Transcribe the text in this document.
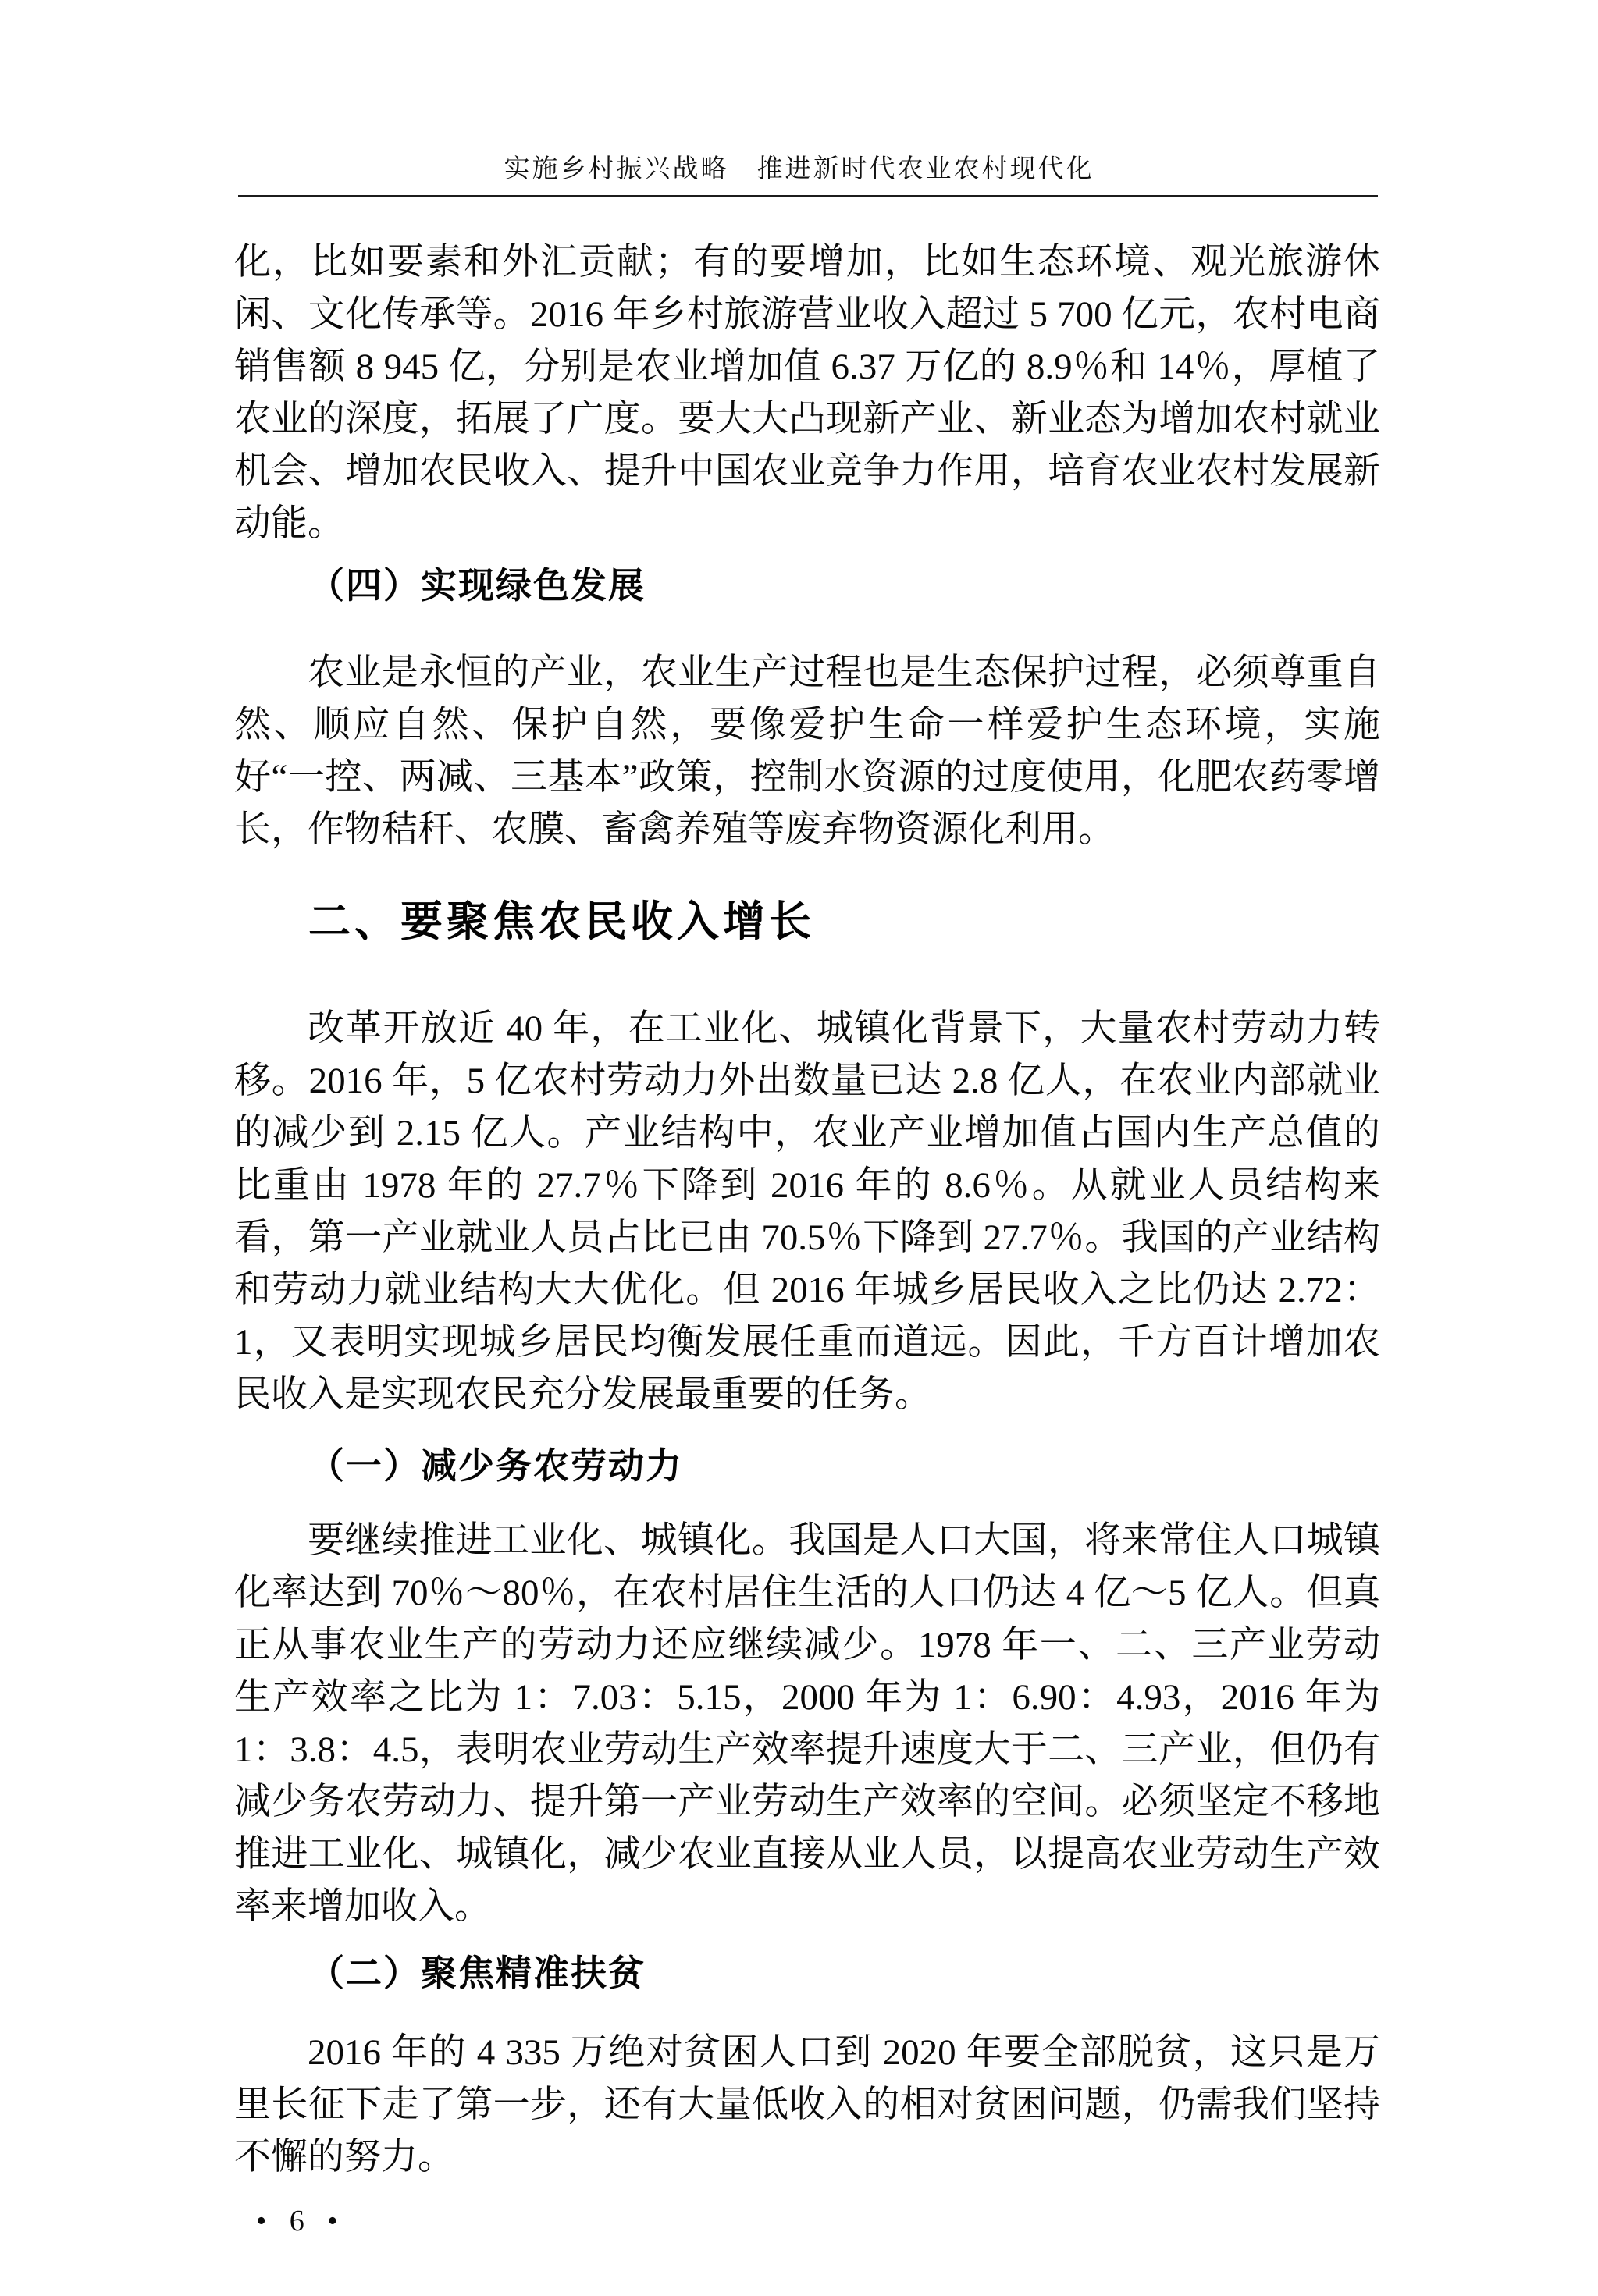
实施乡村振兴战略　推进新时代农业农村现代化

化，比如要素和外汇贡献；有的要增加，比如生态环境、观光旅游休闲、文化传承等。2016 年乡村旅游营业收入超过 5 700 亿元，农村电商销售额 8 945 亿，分别是农业增加值 6.37 万亿的 8.9％和 14％，厚植了农业的深度，拓展了广度。要大大凸现新产业、新业态为增加农村就业机会、增加农民收入、提升中国农业竞争力作用，培育农业农村发展新动能。

（四）实现绿色发展

农业是永恒的产业，农业生产过程也是生态保护过程，必须尊重自然、顺应自然、保护自然，要像爱护生命一样爱护生态环境，实施好“一控、两减、三基本”政策，控制水资源的过度使用，化肥农药零增长，作物秸秆、农膜、畜禽养殖等废弃物资源化利用。

二、要聚焦农民收入增长

改革开放近 40 年，在工业化、城镇化背景下，大量农村劳动力转移。2016 年，5 亿农村劳动力外出数量已达 2.8 亿人，在农业内部就业的减少到 2.15 亿人。产业结构中，农业产业增加值占国内生产总值的比重由 1978 年的 27.7％下降到 2016 年的 8.6％。从就业人员结构来看，第一产业就业人员占比已由 70.5％下降到 27.7％。我国的产业结构和劳动力就业结构大大优化。但 2016 年城乡居民收入之比仍达 2.72：1，又表明实现城乡居民均衡发展任重而道远。因此，千方百计增加农民收入是实现农民充分发展最重要的任务。

（一）减少务农劳动力

要继续推进工业化、城镇化。我国是人口大国，将来常住人口城镇化率达到 70％～80％，在农村居住生活的人口仍达 4 亿～5 亿人。但真正从事农业生产的劳动力还应继续减少。1978 年一、二、三产业劳动生产效率之比为 1：7.03：5.15，2000 年为 1：6.90：4.93，2016 年为 1：3.8：4.5，表明农业劳动生产效率提升速度大于二、三产业，但仍有减少务农劳动力、提升第一产业劳动生产效率的空间。必须坚定不移地推进工业化、城镇化，减少农业直接从业人员，以提高农业劳动生产效率来增加收入。

（二）聚焦精准扶贫

2016 年的 4 335 万绝对贫困人口到 2020 年要全部脱贫，这只是万里长征下走了第一步，还有大量低收入的相对贫困问题，仍需我们坚持不懈的努力。

• 6 •
